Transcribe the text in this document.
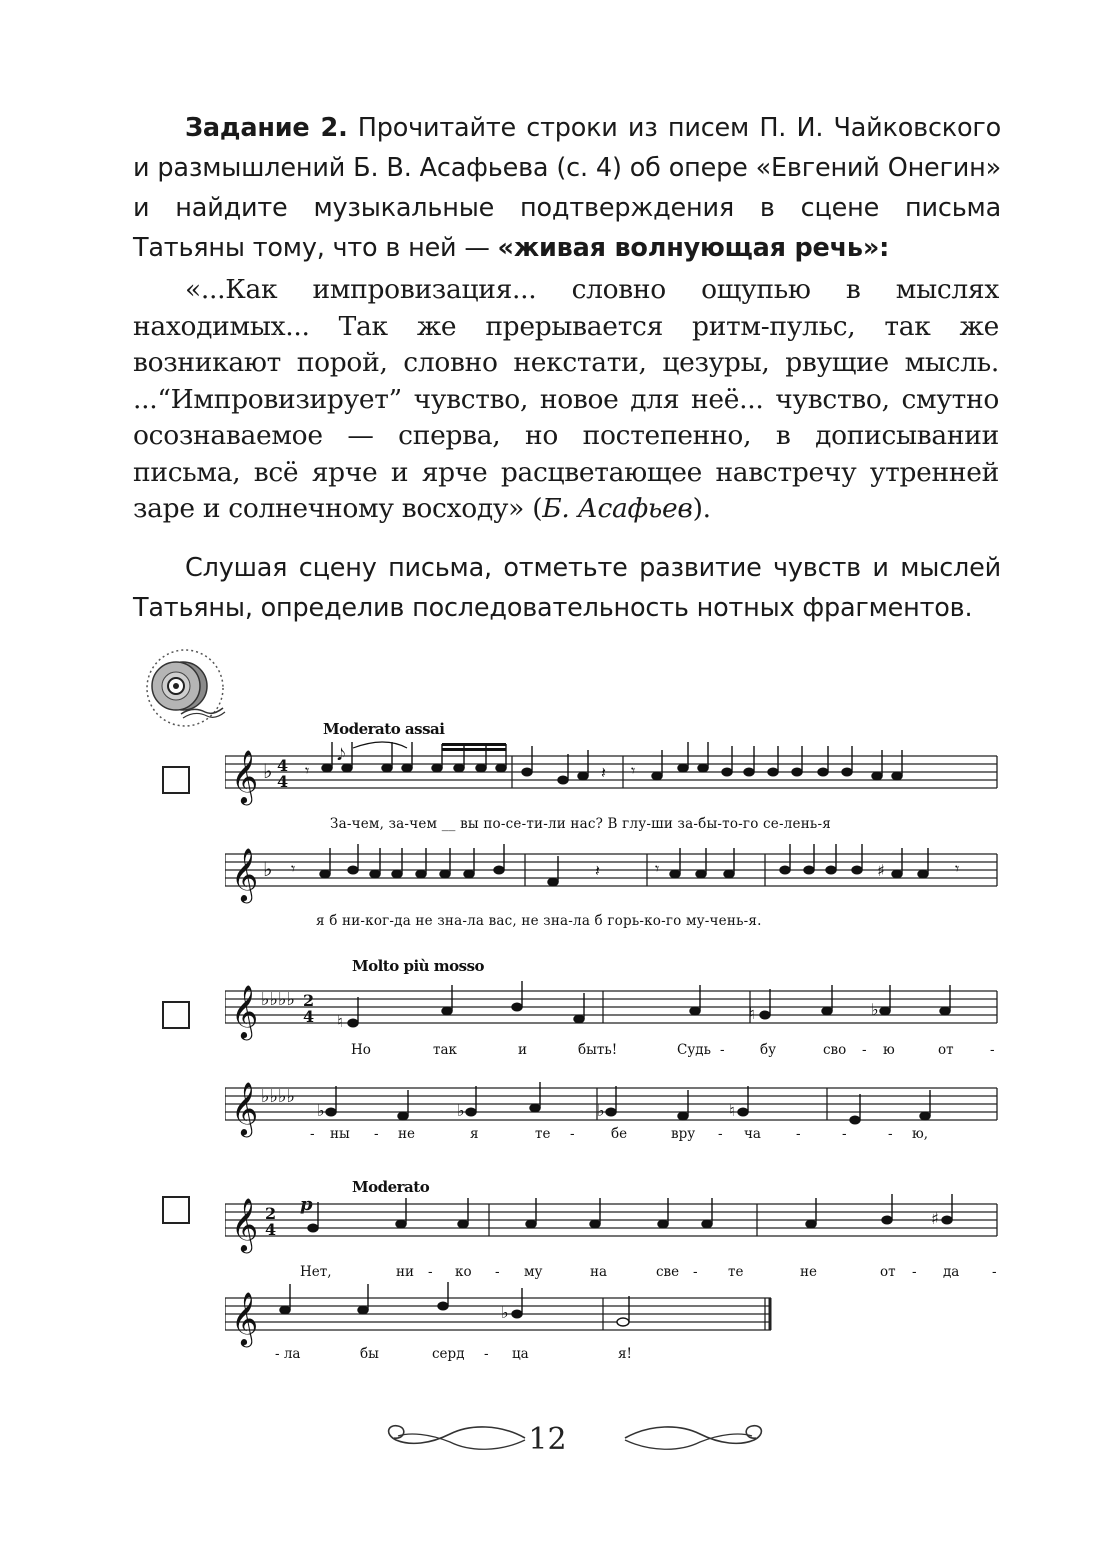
Задание 2. Прочитайте строки из писем П. И. Чайковского и размышлений Б. В. Асафьева (с. 4) об опере «Евгений Онегин» и найдите музыкальные подтверждения в сцене письма Татьяны тому, что в ней — «живая волнующая речь»:
«...Как импровизация... словно ощупью в мыслях находимых... Так же прерывается ритм-пульс, так же возникают порой, словно некстати, цезуры, рвущие мысль. ...“Импровизирует” чувство, новое для неё... чувство, смутно осознаваемое — сперва, но постепенно, в дописывании письма, всё ярче и ярче расцветающее навстречу утренней заре и солнечному восходу» (Б. Асафьев).
Слушая сцену письма, отметьте развитие чувств и мыслей Татьяны, определив последовательность нотных фрагментов.
Moderato assai
𝄞 ♭ 4
4
𝄾	𝄽 𝄾
𝅘𝅥𝅮
За-чем, за-чем __ вы по-се-ти-ли нас? В глу-ши за-бы-то-го се-лень-я
𝄞 ♭ 𝄾	𝄽	𝄾	♯	𝄾
я б ни-ког-да не зна-ла вас, не зна-ла б горь-ко-го му-чень-я.
Molto più mosso
𝄞 ♭♭♭♭ 2
4 ♮	♮	♭
Но	так	и	быть!	Судь -	бу	сво - ю	от	-
𝄞 ♭♭♭♭
♭	♭	♭	♮
- ны - не	я	те -	бе	вру - ча	-	-	- ю,
Moderato
p
𝄞 2
4
♯
Нет,	ни - ко - му	на	све - те	не	от - да -
𝄞	♭
- ла	бы	серд - ца	я!
12
